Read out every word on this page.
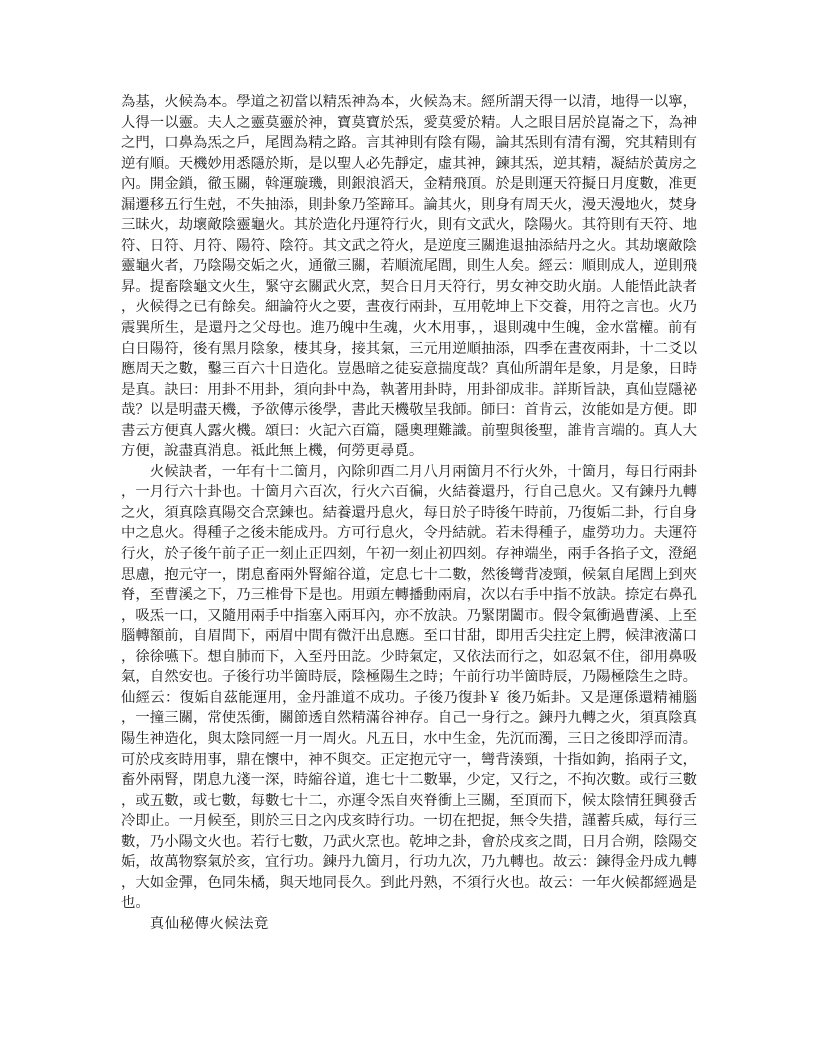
為基，火候為本。學道之初當以精炁神為本，火候為末。經所謂天得一以清，地得一以寧，人得一以靈。夫人之靈莫靈於神，寶莫寶於炁，愛莫愛於精。人之眼目居於崑崙之下，為神之門，口鼻為炁之戶，尾閭為精之路。言其神則有陰有陽，論其炁則有清有濁，究其精則有逆有順。天機妙用悉隱於斯，是以聖人必先靜定，虛其神，鍊其炁，逆其精，凝結於黃房之內。開金鎖，徹玉關，斡運璇璣，則銀浪滔天，金精飛頂。於是則運天符擬日月度數，准更漏遷移五行生尅，不失抽添，則卦象乃筌蹄耳。論其火，則身有周天火，漫天漫地火，焚身三昧火，劫壞敵陰靈龜火。其於造化丹運符行火，則有文武火，陰陽火。其符則有天符、地符、日符、月符、陽符、陰符。其文武之符火，是逆度三關進退抽添結丹之火。其劫壞敵陰靈龜火者，乃陰陽交姤之火，通徹三關，若順流尾閭，則生人矣。經云：順則成人，逆則飛昇。提畜陰龜文火生，緊守玄關武火烹，契合日月天符行，男女神交助火崩。人能悟此訣者，火候得之已有餘矣。細論符火之要，晝夜行兩卦，互用乾坤上下交養，用符之言也。火乃震巽所生，是還丹之父母也。進乃魄中生魂，火木用事，，退則魂中生魄，金水當權。前有白日陽符，後有黑月陰象，棲其身，接其氣，三元用逆順抽添，四季在晝夜兩卦，十二爻以應周天之數，鑿三百六十日造化。豈愚暗之徒妄意揣度哉？真仙所謂年是象，月是象，日時是真。訣曰：用卦不用卦，須向卦中為，執著用卦時，用卦卻成非。詳斯旨訣，真仙豈隱祕哉？以是明盡天機，予欲傳示後學，書此天機敬呈我師。師曰：首肯云，汝能如是方便。即書云方便真人露火機。頌曰：火記六百篇，隱奧理難識。前聖與後聖，誰肯言端的。真人大方便，說盡真消息。祗此無上機，何勞更尋覓。

火候訣者，一年有十二箇月，內除卯酉二月八月兩箇月不行火外，十箇月，每日行兩卦，一月行六十卦也。十箇月六百次，行火六百徧，火結養還丹，行自己息火。又有鍊丹九轉之火，須真陰真陽交合烹鍊也。結養還丹息火，每日於子時後午時前，乃復姤二卦，行自身中之息火。得種子之後未能成丹。方可行息火，令丹結就。若未得種子，虛勞功力。夫運符行火，於子後午前子正一刻止正四刻，午初一刻止初四刻。存神端坐，兩手各掐子文，澄絕思慮，抱元守一，閉息畜兩外腎縮谷道，定息七十二數，然後彎背凌頸，候氣自尾閭上到夾脊，至曹溪之下，乃三椎骨下是也。用頭左轉播動兩肩，次以右手中指不放訣。捺定右鼻孔，吸炁一口，又隨用兩手中指塞入兩耳內，亦不放訣。乃緊閉闔市。假令氣衝過曹溪、上至腦轉額前，自眉間下，兩眉中間有微汗出息應。至口甘甜，即用舌尖拄定上腭，候津液滿口，徐徐嚥下。想自肺而下，入至丹田訖。少時氣定，又依法而行之，如忍氣不住，卻用鼻吸氣，自然安也。子後行功半箇時辰，陰極陽生之時；午前行功半箇時辰，乃陽極陰生之時。仙經云：復姤自茲能運用，金丹誰道不成功。子後乃復卦￥ 後乃姤卦。又是運係還精補腦，一撞三關，常使炁衝，關節透自然精滿谷神存。自己一身行之。鍊丹九轉之火，須真陰真陽生神造化，與太陰同經一月一周火。凡五日，水中生金，先沉而濁，三日之後即浮而清。可於戌亥時用事，鼎在懷中，神不與交。正定抱元守一，彎背湊頸，十指如鉤，掐兩子文，畜外兩腎，閉息九淺一深，時縮谷道，進七十二數畢，少定，又行之，不拘次數。或行三數，或五數，或七數，每數七十二，亦運令炁自夾脊衝上三關，至頂而下，候太陰情狂興發舌冷即止。一月候至，則於三日之內戌亥時行功。一切在把捉，無令失措，謹蓄兵威，每行三數，乃小陽文火也。若行七數，乃武火烹也。乾坤之卦，會於戌亥之間，日月合朔，陰陽交姤，故萬物察氣於亥，宜行功。鍊丹九箇月，行功九次，乃九轉也。故云：鍊得金丹成九轉，大如金彈，色同朱橘，與天地同長久。到此丹熟，不須行火也。故云：一年火候都經過是也。

真仙秘傳火候法竟
